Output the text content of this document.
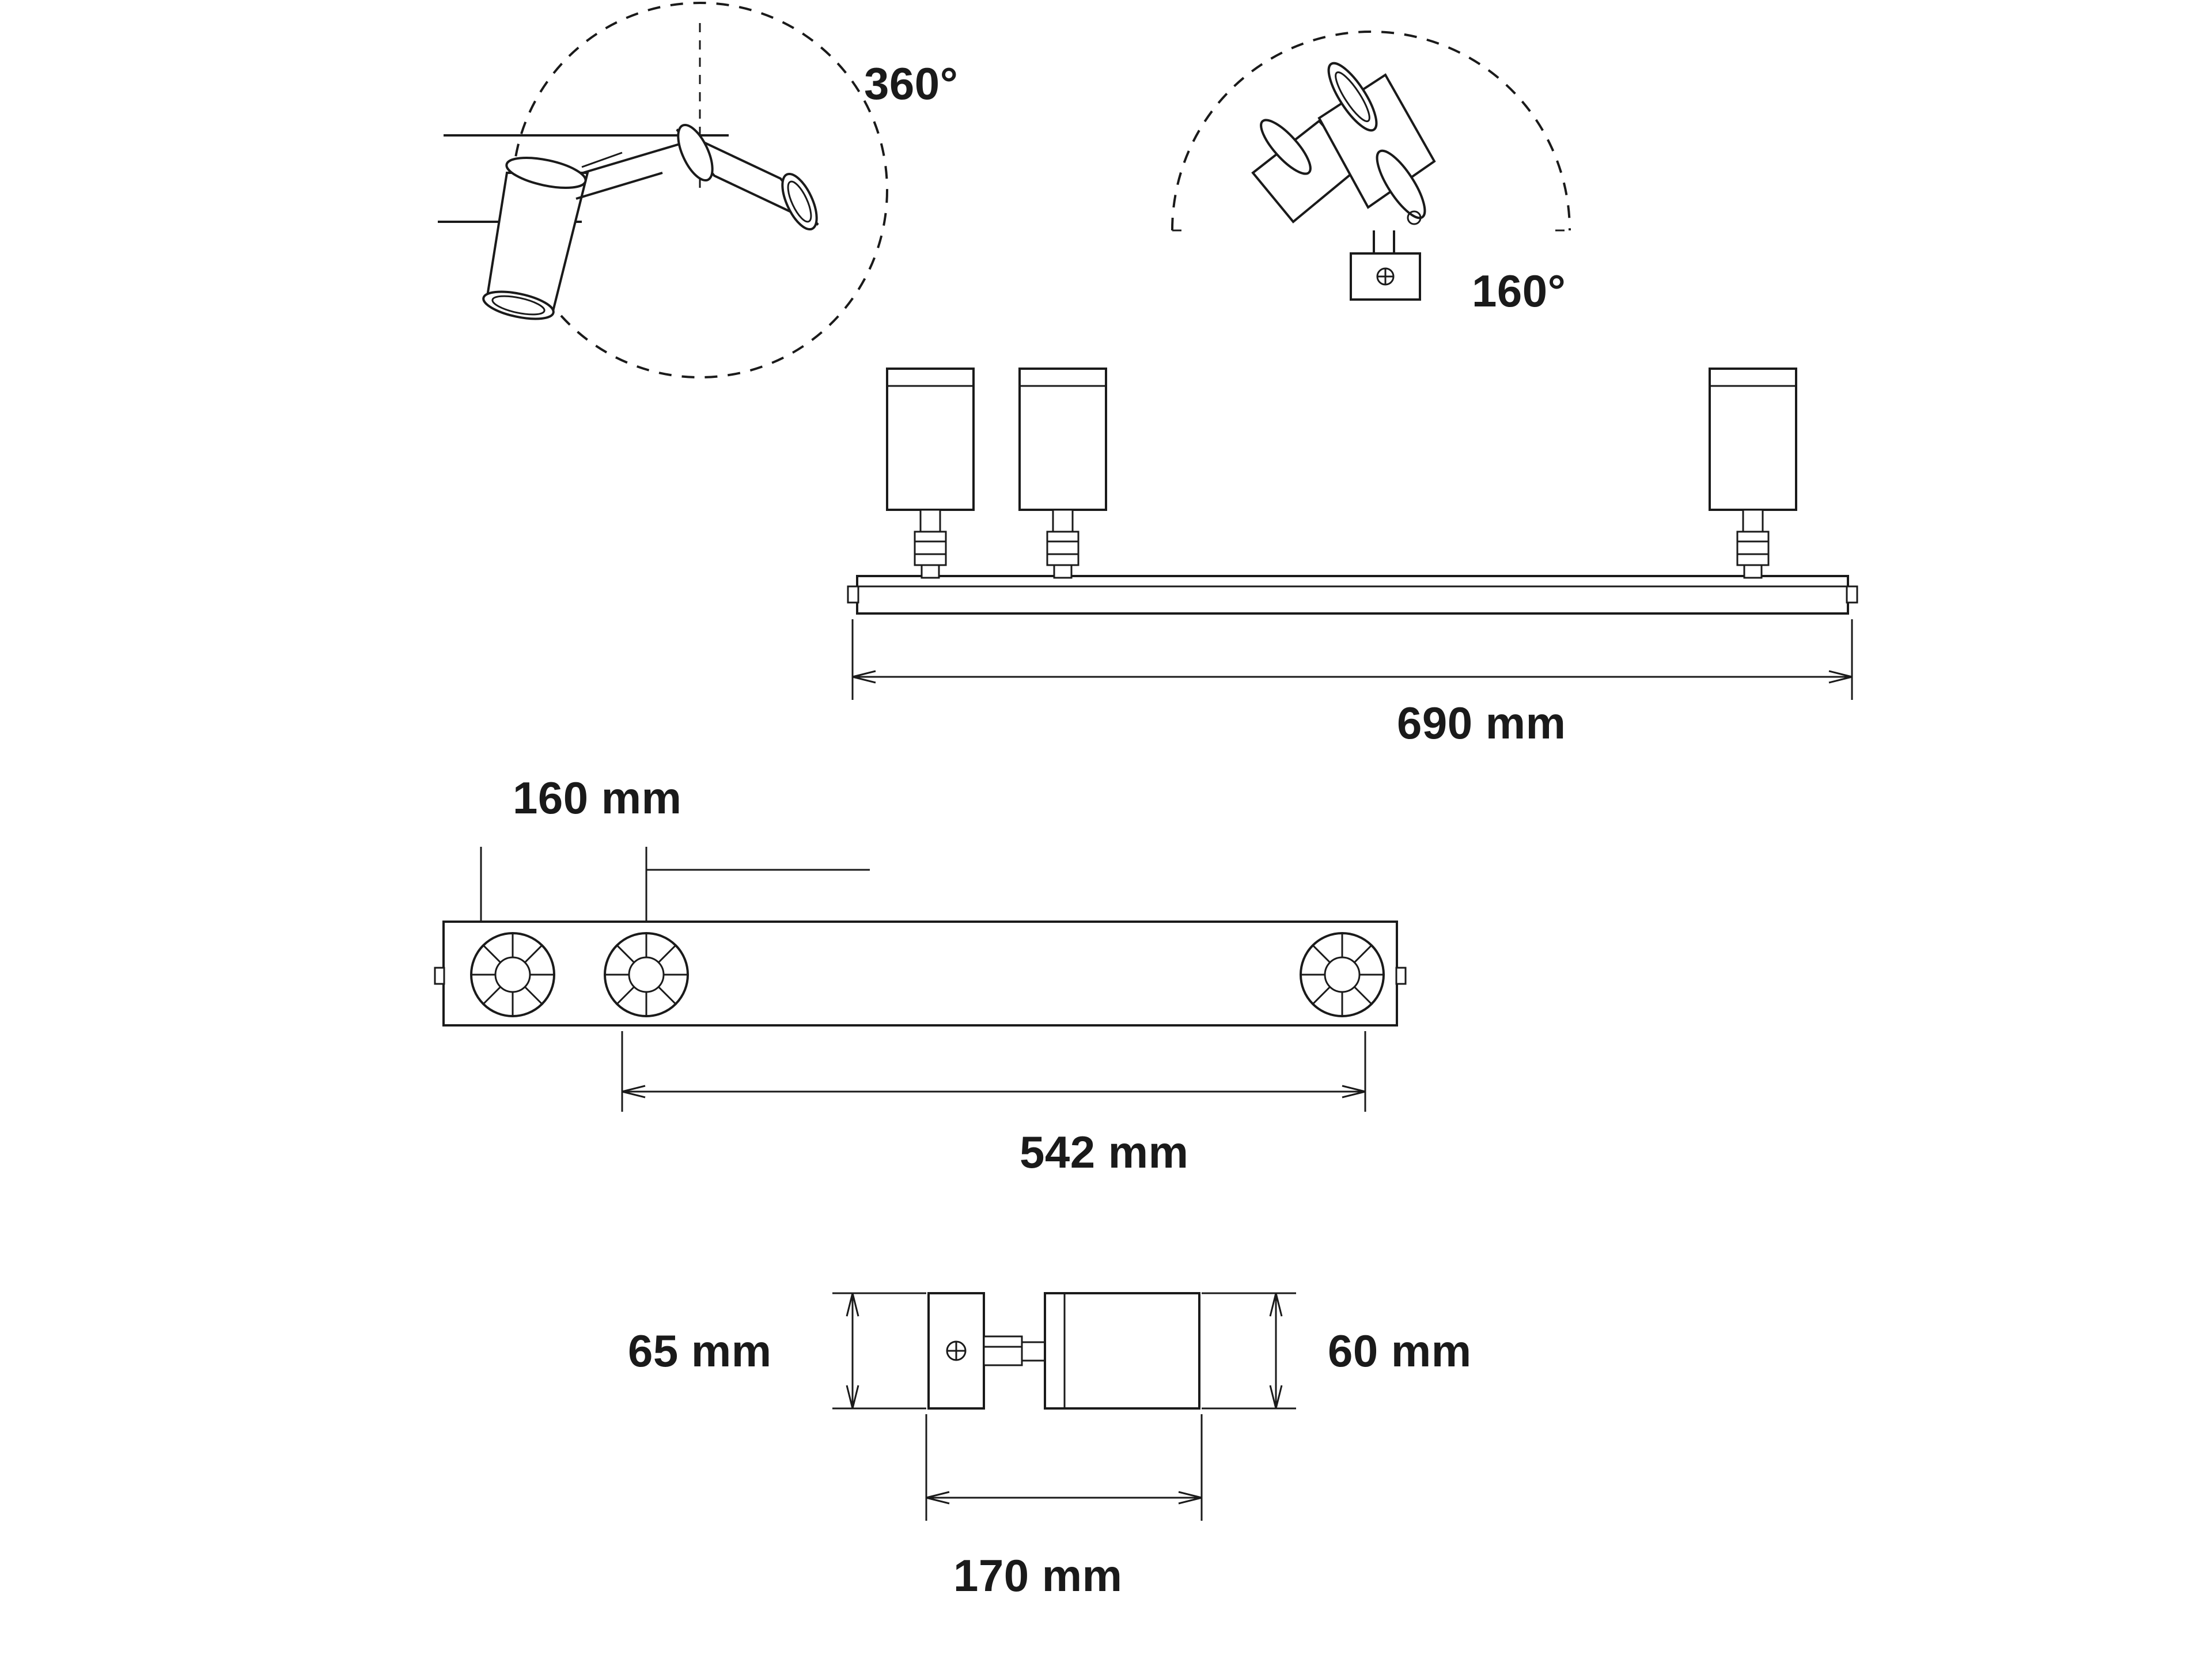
360°
160°
690 mm
160 mm
542 mm
65 mm	60 mm
170 mm
